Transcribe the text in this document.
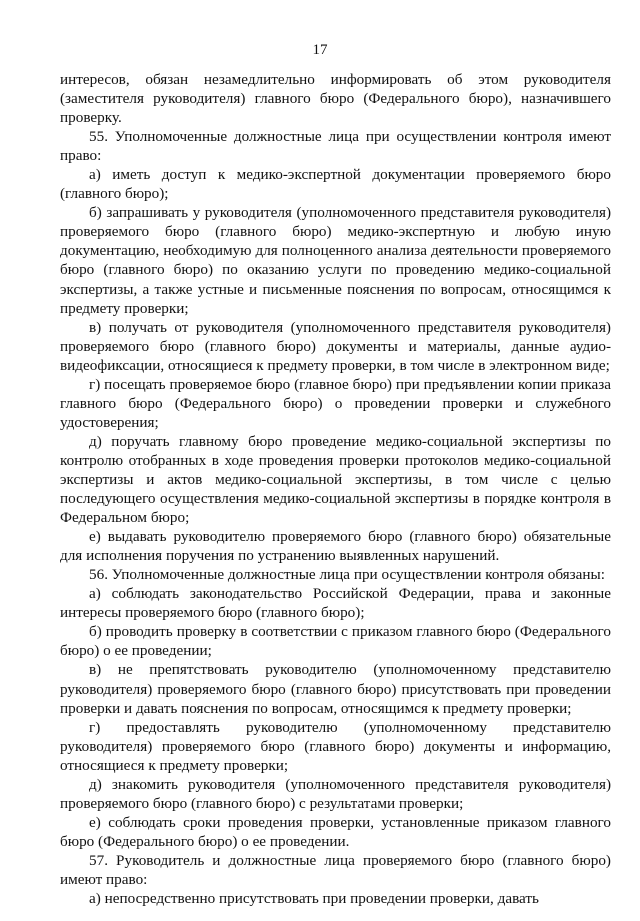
17

интересов, обязан незамедлительно информировать об этом руководителя (заместителя руководителя) главного бюро (Федерального бюро), назначившего проверку.

55. Уполномоченные должностные лица при осуществлении контроля имеют право:

а) иметь доступ к медико-экспертной документации проверяемого бюро (главного бюро);

б) запрашивать у руководителя (уполномоченного представителя руководителя) проверяемого бюро (главного бюро) медико-экспертную и любую иную документацию, необходимую для полноценного анализа деятельности проверяемого бюро (главного бюро) по оказанию услуги по проведению медико-социальной экспертизы, а также устные и письменные пояснения по вопросам, относящимся к предмету проверки;

в) получать от руководителя (уполномоченного представителя руководителя) проверяемого бюро (главного бюро) документы и материалы, данные аудио-видеофиксации, относящиеся к предмету проверки, в том числе в электронном виде;

г) посещать проверяемое бюро (главное бюро) при предъявлении копии приказа главного бюро (Федерального бюро) о проведении проверки и служебного удостоверения;

д) поручать главному бюро проведение медико-социальной экспертизы по контролю отобранных в ходе проведения проверки протоколов медико-социальной экспертизы и актов медико-социальной экспертизы, в том числе с целью последующего осуществления медико-социальной экспертизы в порядке контроля в Федеральном бюро;

е) выдавать руководителю проверяемого бюро (главного бюро) обязательные для исполнения поручения по устранению выявленных нарушений.

56. Уполномоченные должностные лица при осуществлении контроля обязаны:

а) соблюдать законодательство Российской Федерации, права и законные интересы проверяемого бюро (главного бюро);

б) проводить проверку в соответствии с приказом главного бюро (Федерального бюро) о ее проведении;

в) не препятствовать руководителю (уполномоченному представителю руководителя) проверяемого бюро (главного бюро) присутствовать при проведении проверки и давать пояснения по вопросам, относящимся к предмету проверки;

г) предоставлять руководителю (уполномоченному представителю руководителя) проверяемого бюро (главного бюро) документы и информацию, относящиеся к предмету проверки;

д) знакомить руководителя (уполномоченного представителя руководителя) проверяемого бюро (главного бюро) с результатами проверки;

е) соблюдать сроки проведения проверки, установленные приказом главного бюро (Федерального бюро) о ее проведении.

57. Руководитель и должностные лица проверяемого бюро (главного бюро) имеют право:

а) непосредственно присутствовать при проведении проверки, давать
